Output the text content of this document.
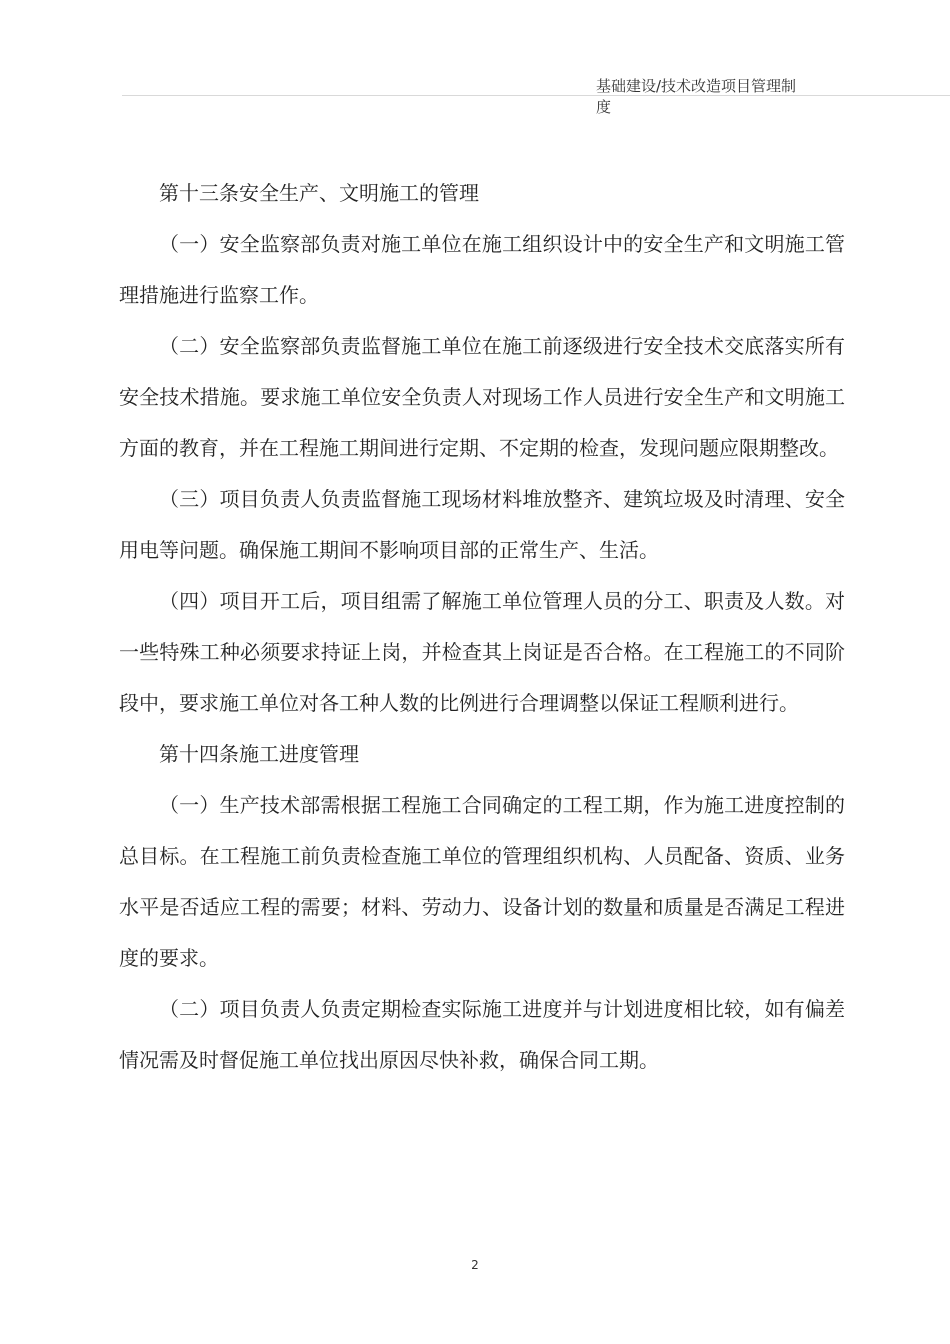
基础建设/技术改造项目管理制
度

第十三条安全生产、文明施工的管理

（一）安全监察部负责对施工单位在施工组织设计中的安全生产和文明施工管理措施进行监察工作。

（二）安全监察部负责监督施工单位在施工前逐级进行安全技术交底落实所有安全技术措施。要求施工单位安全负责人对现场工作人员进行安全生产和文明施工方面的教育，并在工程施工期间进行定期、不定期的检查，发现问题应限期整改。

（三）项目负责人负责监督施工现场材料堆放整齐、建筑垃圾及时清理、安全用电等问题。确保施工期间不影响项目部的正常生产、生活。

（四）项目开工后，项目组需了解施工单位管理人员的分工、职责及人数。对一些特殊工种必须要求持证上岗，并检查其上岗证是否合格。在工程施工的不同阶段中，要求施工单位对各工种人数的比例进行合理调整以保证工程顺利进行。

第十四条施工进度管理

（一）生产技术部需根据工程施工合同确定的工程工期，作为施工进度控制的总目标。在工程施工前负责检查施工单位的管理组织机构、人员配备、资质、业务水平是否适应工程的需要；材料、劳动力、设备计划的数量和质量是否满足工程进度的要求。

（二）项目负责人负责定期检查实际施工进度并与计划进度相比较，如有偏差情况需及时督促施工单位找出原因尽快补救，确保合同工期。

2
